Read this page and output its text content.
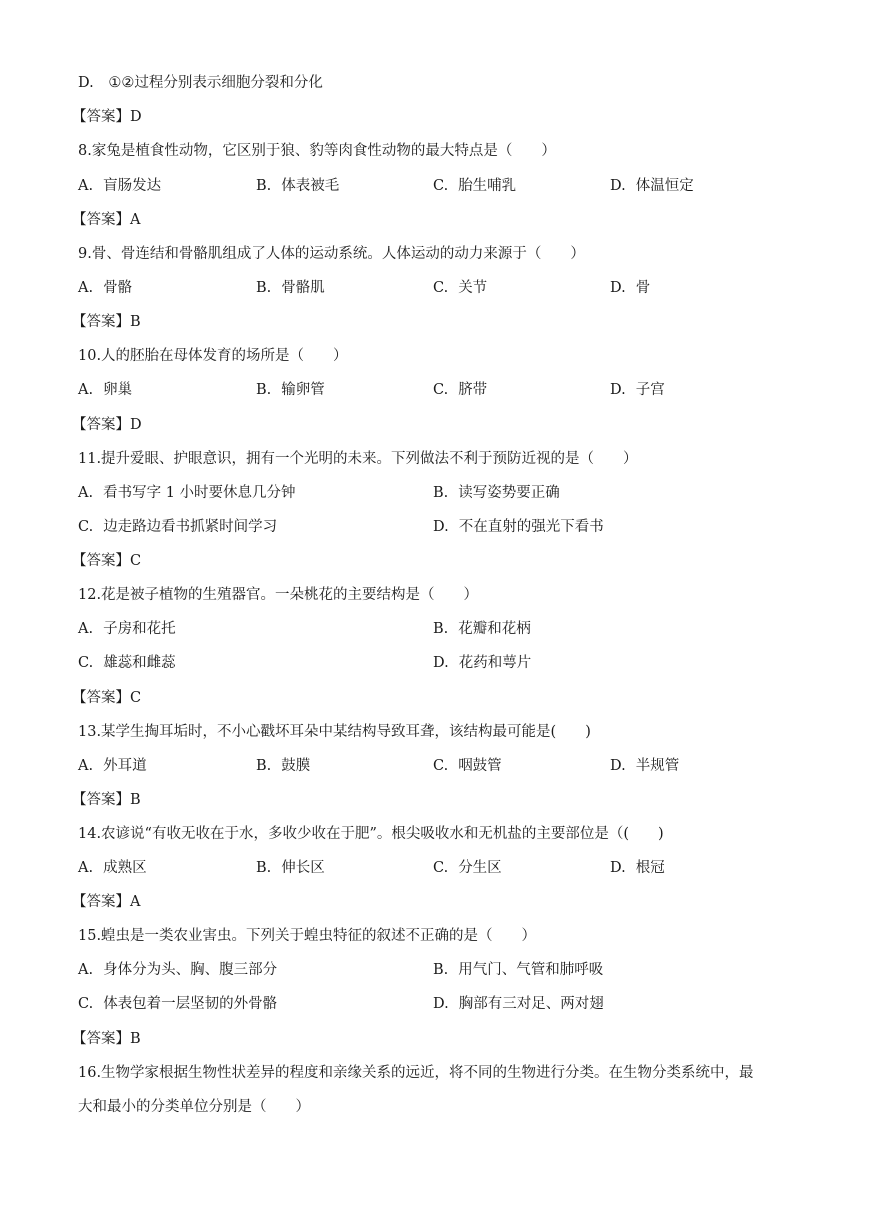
D. ①②过程分别表示细胞分裂和分化
【答案】D
8.家兔是植食性动物，它区别于狼、豹等肉食性动物的最大特点是（　　）
A. 盲肠发达	B. 体表被毛	C. 胎生哺乳	D. 体温恒定
【答案】A
9.骨、骨连结和骨骼肌组成了人体的运动系统。人体运动的动力来源于（　　）
A. 骨骼	B. 骨骼肌	C. 关节	D. 骨
【答案】B
10.人的胚胎在母体发育的场所是（　　）
A. 卵巢	B. 输卵管	C. 脐带	D. 子宫
【答案】D
11.提升爱眼、护眼意识，拥有一个光明的未来。下列做法不利于预防近视的是（　　）
A. 看书写字 1 小时要休息几分钟	B. 读写姿势要正确
C. 边走路边看书抓紧时间学习	D. 不在直射的强光下看书
【答案】C
12.花是被子植物的生殖器官。一朵桃花的主要结构是（　　）
A. 子房和花托	B. 花瓣和花柄
C. 雄蕊和雌蕊	D. 花药和萼片
【答案】C
13.某学生掏耳垢时，不小心戳坏耳朵中某结构导致耳聋，该结构最可能是(　　)
A. 外耳道	B. 鼓膜	C. 咽鼓管	D. 半规管
【答案】B
14.农谚说“有收无收在于水，多收少收在于肥”。根尖吸收水和无机盐的主要部位是（(　　)
A. 成熟区	B. 伸长区	C. 分生区	D. 根冠
【答案】A
15.蝗虫是一类农业害虫。下列关于蝗虫特征的叙述不正确的是（　　）
A. 身体分为头、胸、腹三部分	B. 用气门、气管和肺呼吸
C. 体表包着一层坚韧的外骨骼	D. 胸部有三对足、两对翅
【答案】B
16.生物学家根据生物性状差异的程度和亲缘关系的远近，将不同的生物进行分类。在生物分类系统中，最
大和最小的分类单位分别是（　　）
